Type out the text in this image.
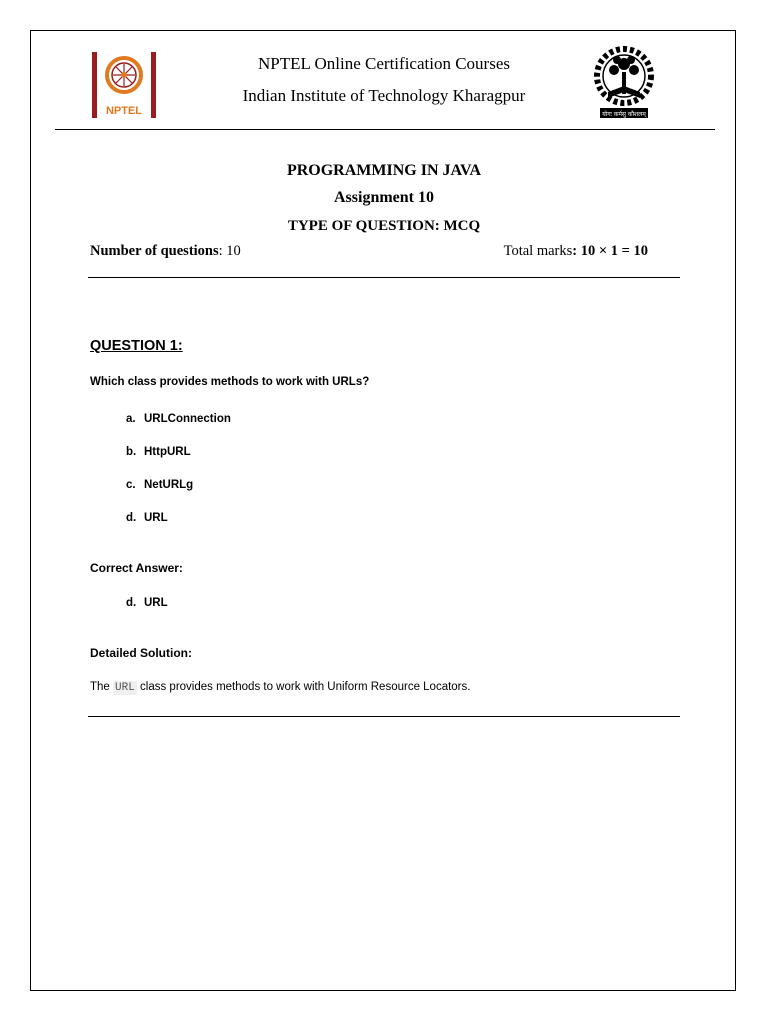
NPTEL	योगः कर्मसु कौशलम्
NPTEL Online Certification Courses
Indian Institute of Technology Kharagpur
PROGRAMMING IN JAVA
Assignment 10
TYPE OF QUESTION: MCQ
Number of questions: 10	Total marks: 10 × 1 = 10
QUESTION 1:
Which class provides methods to work with URLs?
a. URLConnection
b. HttpURL
c. NetURLg
d. URL
Correct Answer:
d. URL
Detailed Solution:
The URL class provides methods to work with Uniform Resource Locators.
